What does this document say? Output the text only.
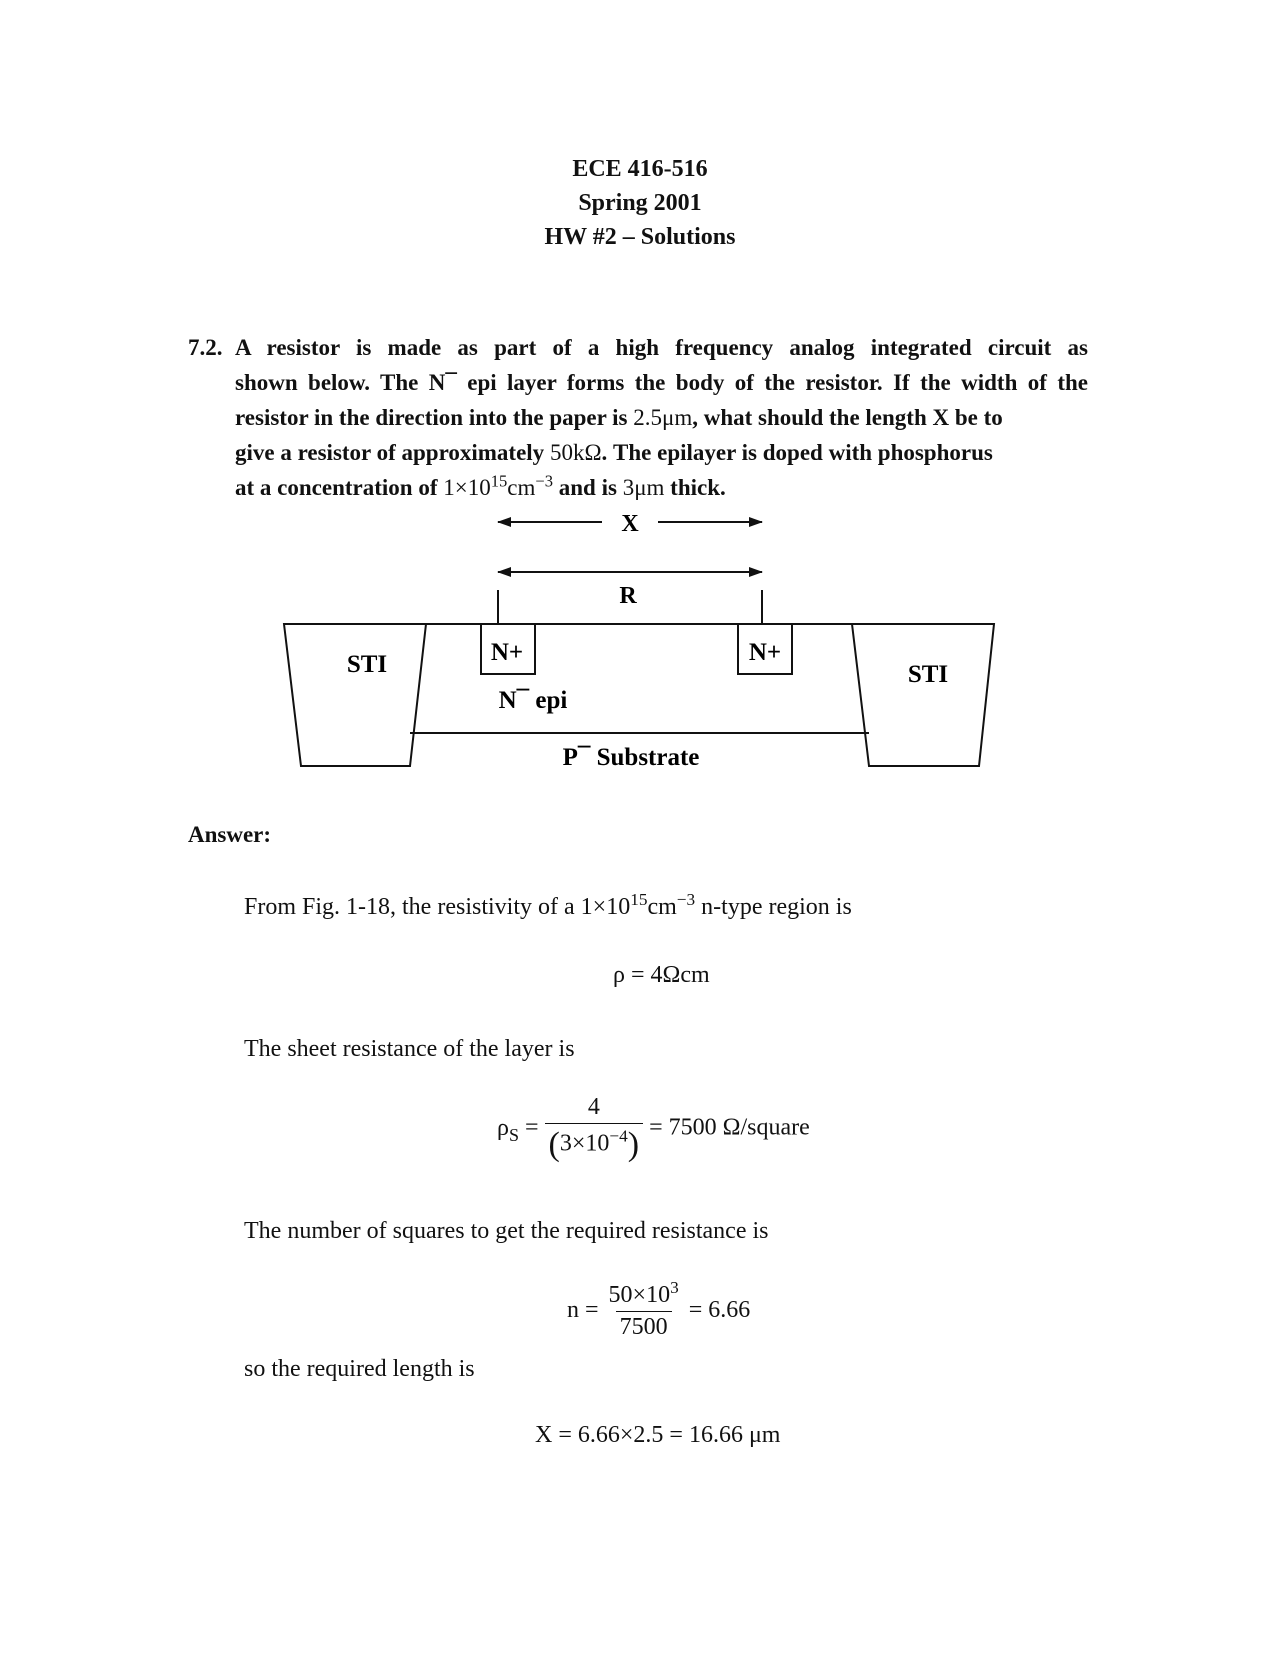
ECE 416-516
Spring 2001
HW #2 – Solutions
7.2. A resistor is made as part of a high frequency analog integrated circuit as
shown below. The N¯ epi layer forms the body of the resistor. If the width of the
resistor in the direction into the paper is 2.5μm, what should the length X be to
give a resistor of approximately 50kΩ. The epilayer is doped with phosphorus
at a concentration of $1\times 10^{15}cm^{-3}$ and is 3μm thick.
X
R
STI	STI
N+	N+
N¯ epi
P¯ Substrate
Answer:
From Fig. 1-18, the resistivity of a $1\times 10^{15}cm^{-3}$ n-type region is
ρ = 4Ωcm
The sheet resistance of the layer is
$\rho_S = \frac{4}{(3\times 10^{-4})} = 7500$ Ω/square
The number of squares to get the required resistance is
$n = \frac{50\times 10^3}{7500} = 6.66$
so the required length is
X = 6.66×2.5 = 16.66 μm
